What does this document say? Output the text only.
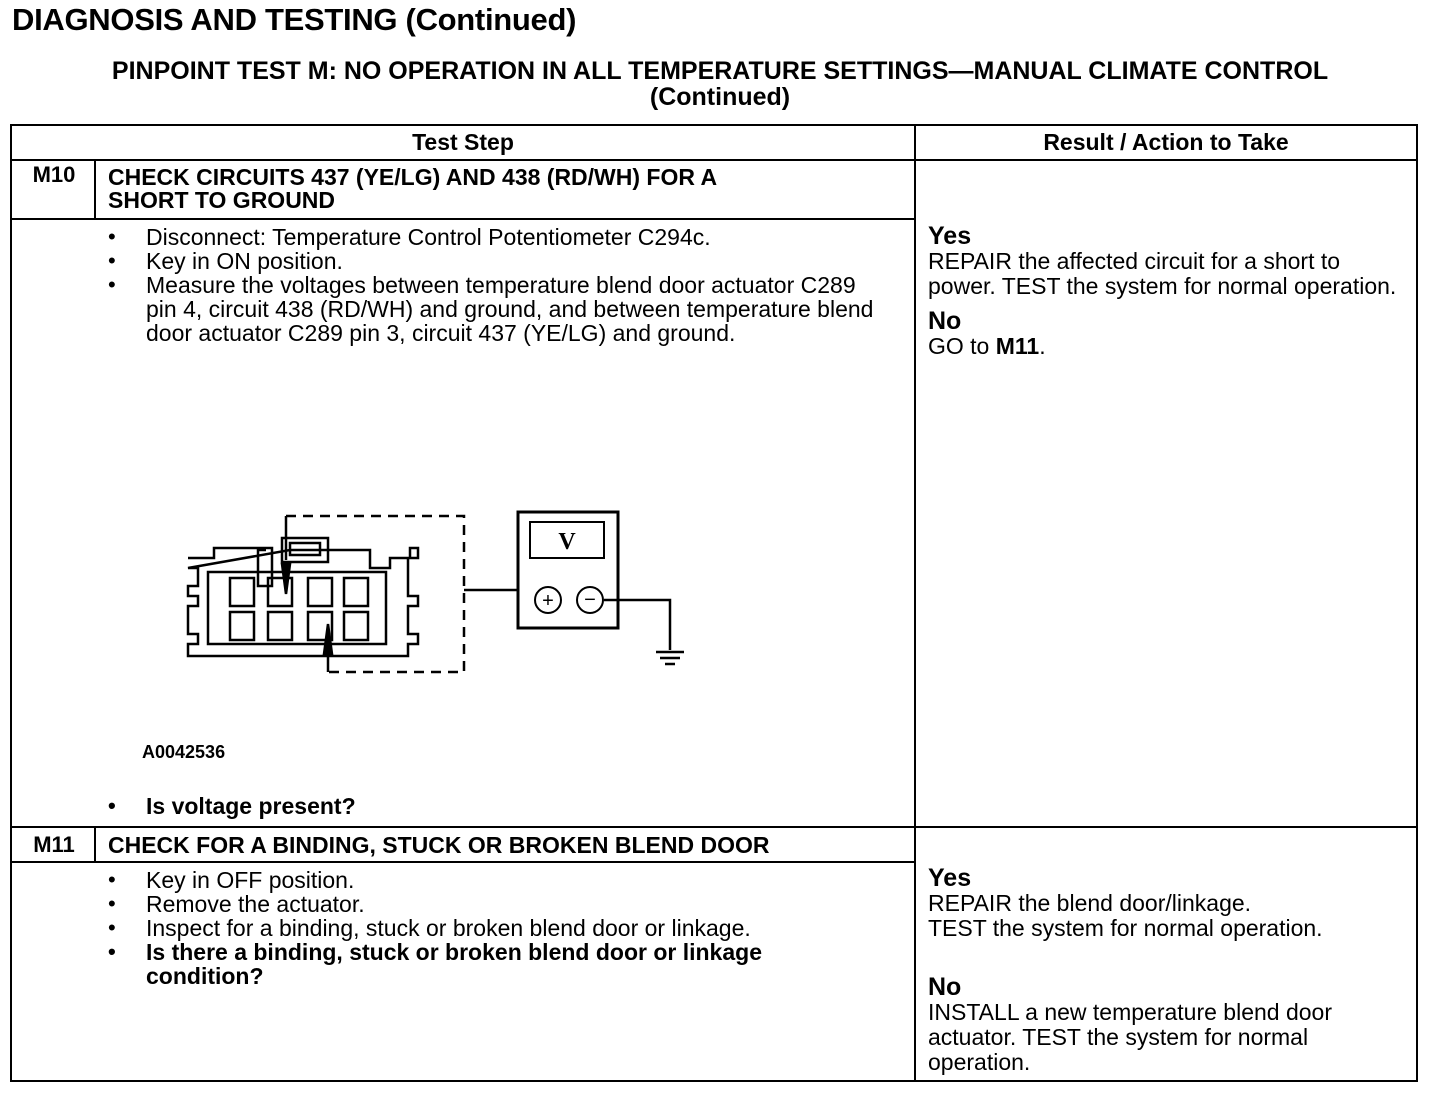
DIAGNOSIS AND TESTING (Continued)
PINPOINT TEST M: NO OPERATION IN ALL TEMPERATURE SETTINGS—MANUAL CLIMATE CONTROL
(Continued)
Test Step	Result / Action to Take
M10	CHECK CIRCUITS 437 (YE/LG) AND 438 (RD/WH) FOR A
SHORT TO GROUND
• Disconnect: Temperature Control Potentiometer C294c.
• Key in ON position.
• Measure the voltages between temperature blend door actuator C289 pin 4, circuit 438 (RD/WH) and ground, and between temperature blend door actuator C289 pin 3, circuit 437 (YE/LG) and ground.
V
+ −
A0042536
• Is voltage present?
Yes
REPAIR the affected circuit for a short to power. TEST the system for normal operation.
No
GO to M11.
M11	CHECK FOR A BINDING, STUCK OR BROKEN BLEND DOOR
• Key in OFF position.
• Remove the actuator.
• Inspect for a binding, stuck or broken blend door or linkage.
• Is there a binding, stuck or broken blend door or linkage condition?
Yes
REPAIR the blend door/linkage.
TEST the system for normal operation.
No
INSTALL a new temperature blend door actuator. TEST the system for normal operation.
